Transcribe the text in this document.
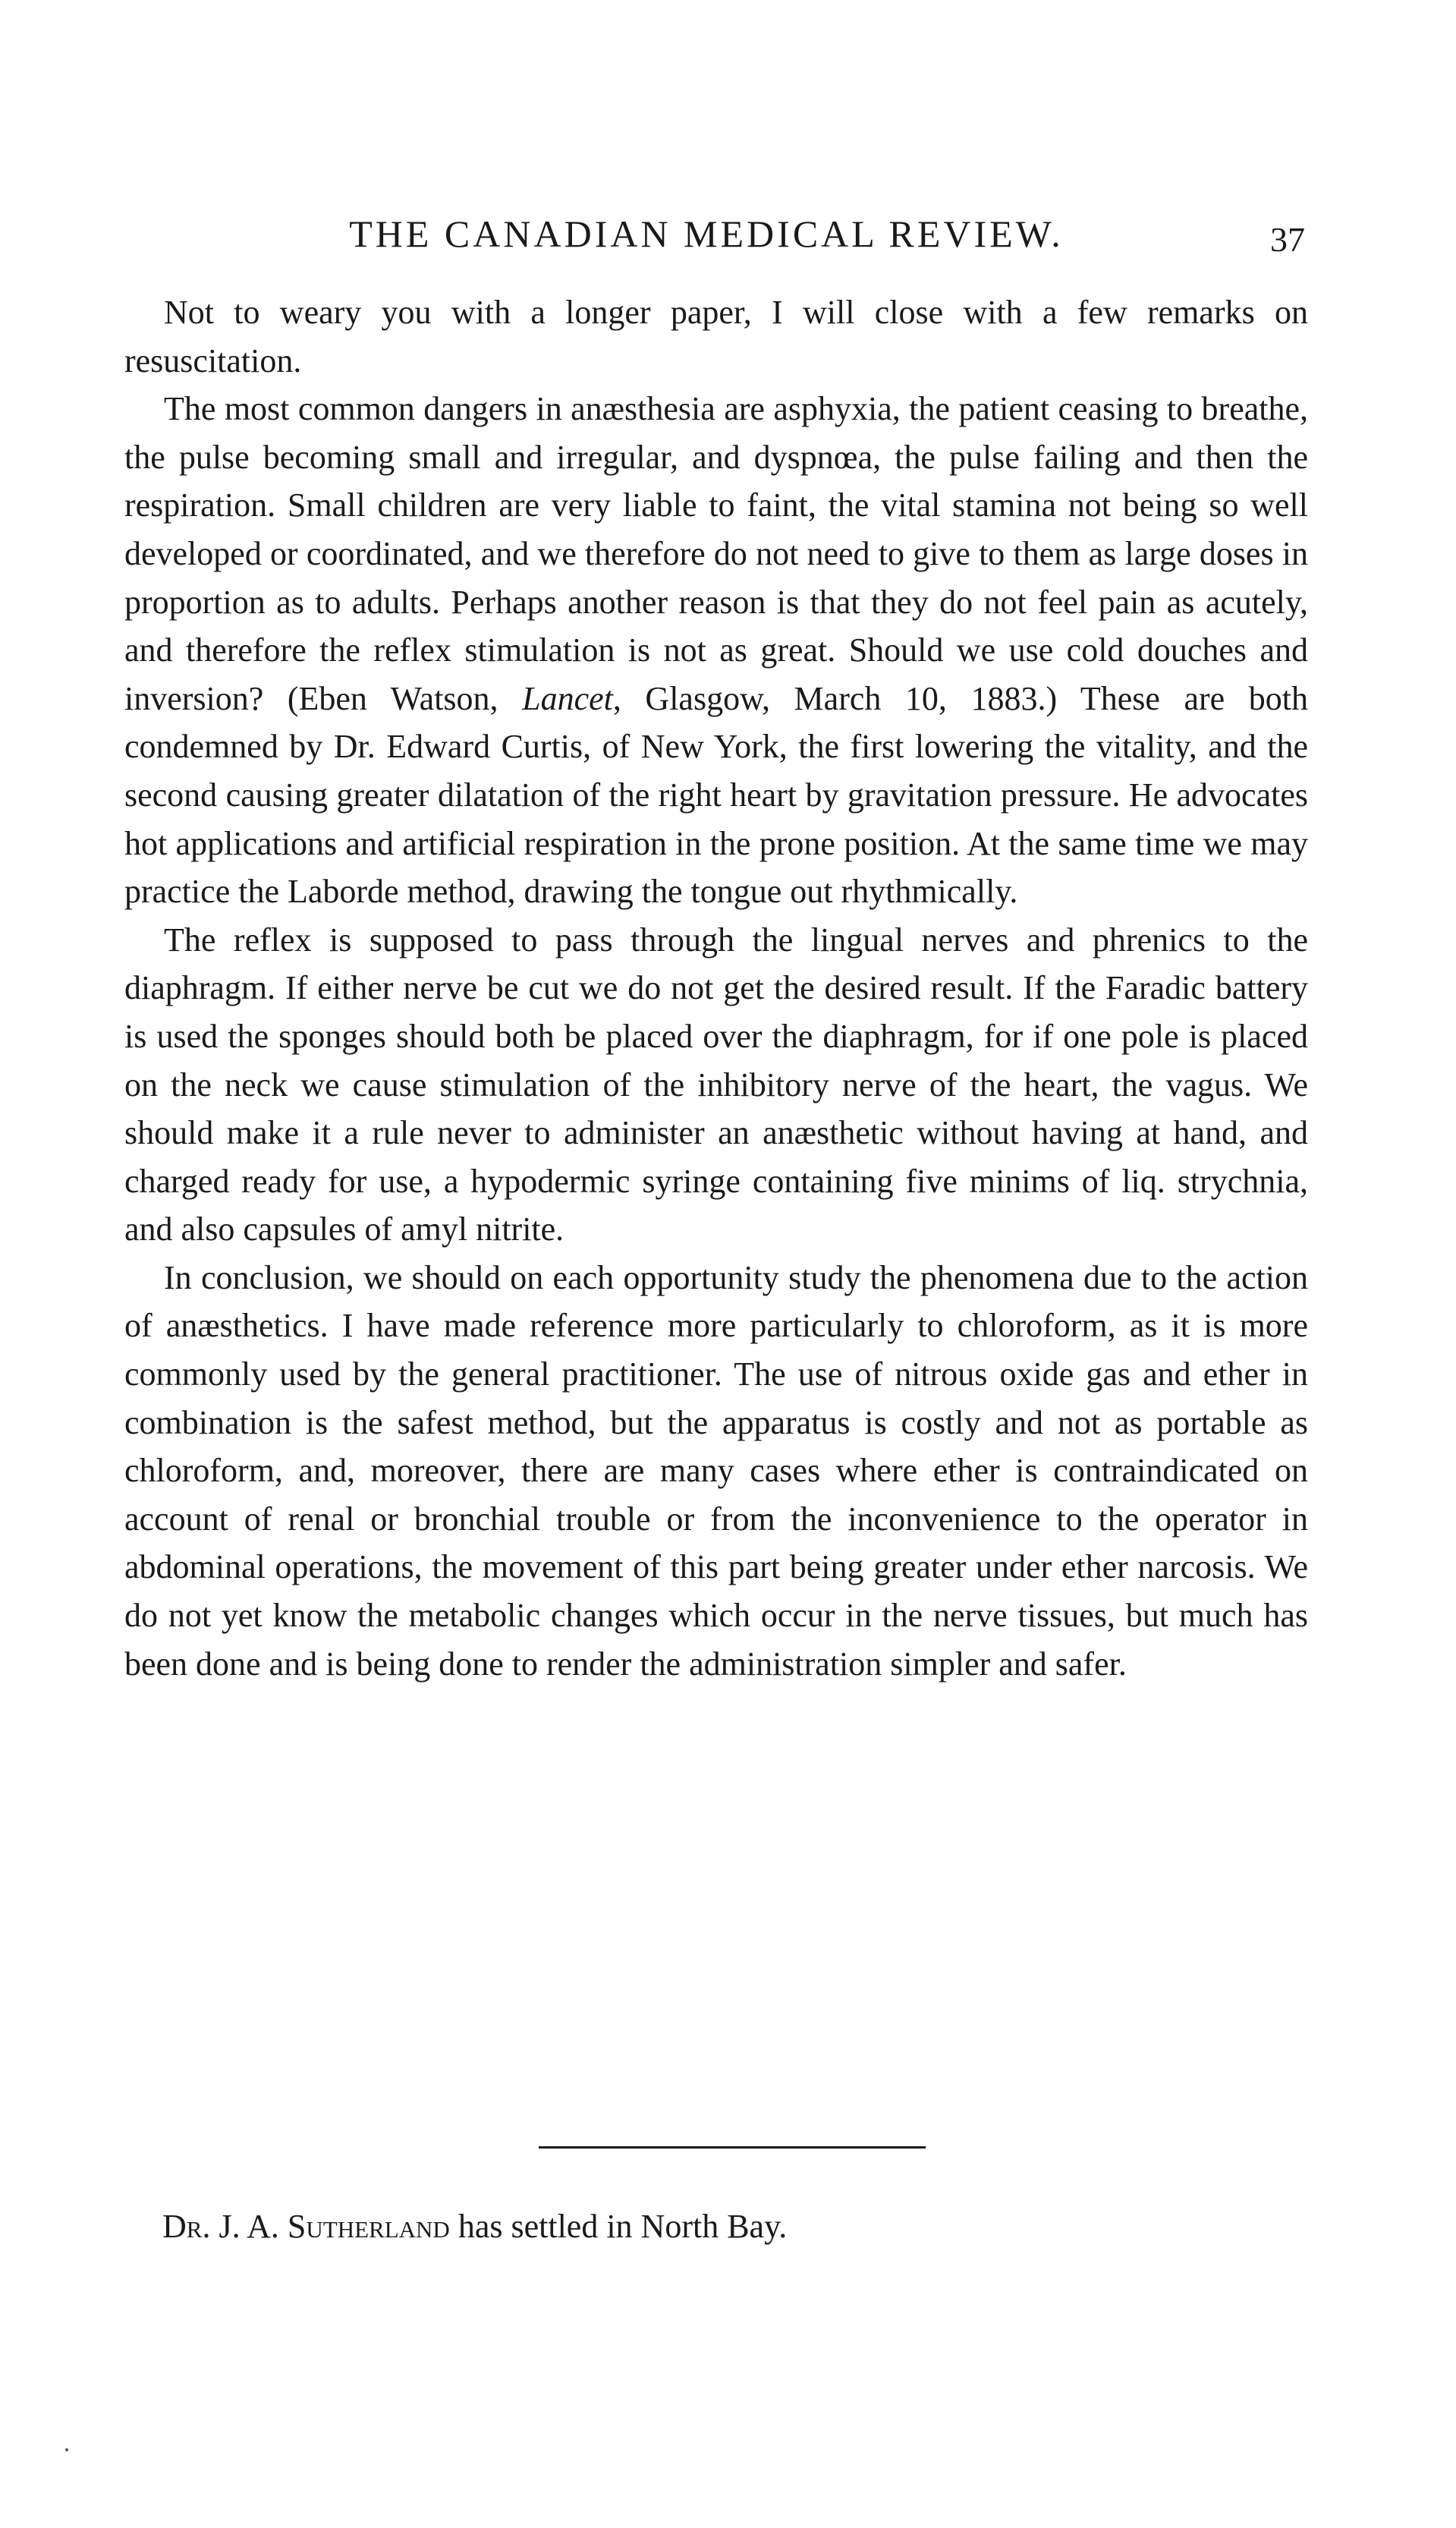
THE CANADIAN MEDICAL REVIEW.	37

Not to weary you with a longer paper, I will close with a few remarks on resuscitation.

The most common dangers in anæsthesia are asphyxia, the patient ceasing to breathe, the pulse becoming small and irregular, and dyspnœa, the pulse failing and then the respiration. Small children are very liable to faint, the vital stamina not being so well developed or coordinated, and we therefore do not need to give to them as large doses in proportion as to adults. Perhaps another reason is that they do not feel pain as acutely, and therefore the reflex stimulation is not as great. Should we use cold douches and inversion? (Eben Watson, Lancet, Glasgow, March 10, 1883.) These are both condemned by Dr. Edward Curtis, of New York, the first lowering the vitality, and the second causing greater dilatation of the right heart by gravitation pressure. He advocates hot applications and artificial respiration in the prone position. At the same time we may practice the Laborde method, drawing the tongue out rhythmically.

The reflex is supposed to pass through the lingual nerves and phrenics to the diaphragm. If either nerve be cut we do not get the desired result. If the Faradic battery is used the sponges should both be placed over the diaphragm, for if one pole is placed on the neck we cause stimulation of the inhibitory nerve of the heart, the vagus. We should make it a rule never to administer an anæsthetic without having at hand, and charged ready for use, a hypodermic syringe containing five minims of liq. strychnia, and also capsules of amyl nitrite.

In conclusion, we should on each opportunity study the phenomena due to the action of anæsthetics. I have made reference more particularly to chloroform, as it is more commonly used by the general practitioner. The use of nitrous oxide gas and ether in combination is the safest method, but the apparatus is costly and not as portable as chloroform, and, moreover, there are many cases where ether is contraindicated on account of renal or bronchial trouble or from the inconvenience to the operator in abdominal operations, the movement of this part being greater under ether narcosis. We do not yet know the metabolic changes which occur in the nerve tissues, but much has been done and is being done to render the administration simpler and safer.

Dr. J. A. Sutherland has settled in North Bay.
